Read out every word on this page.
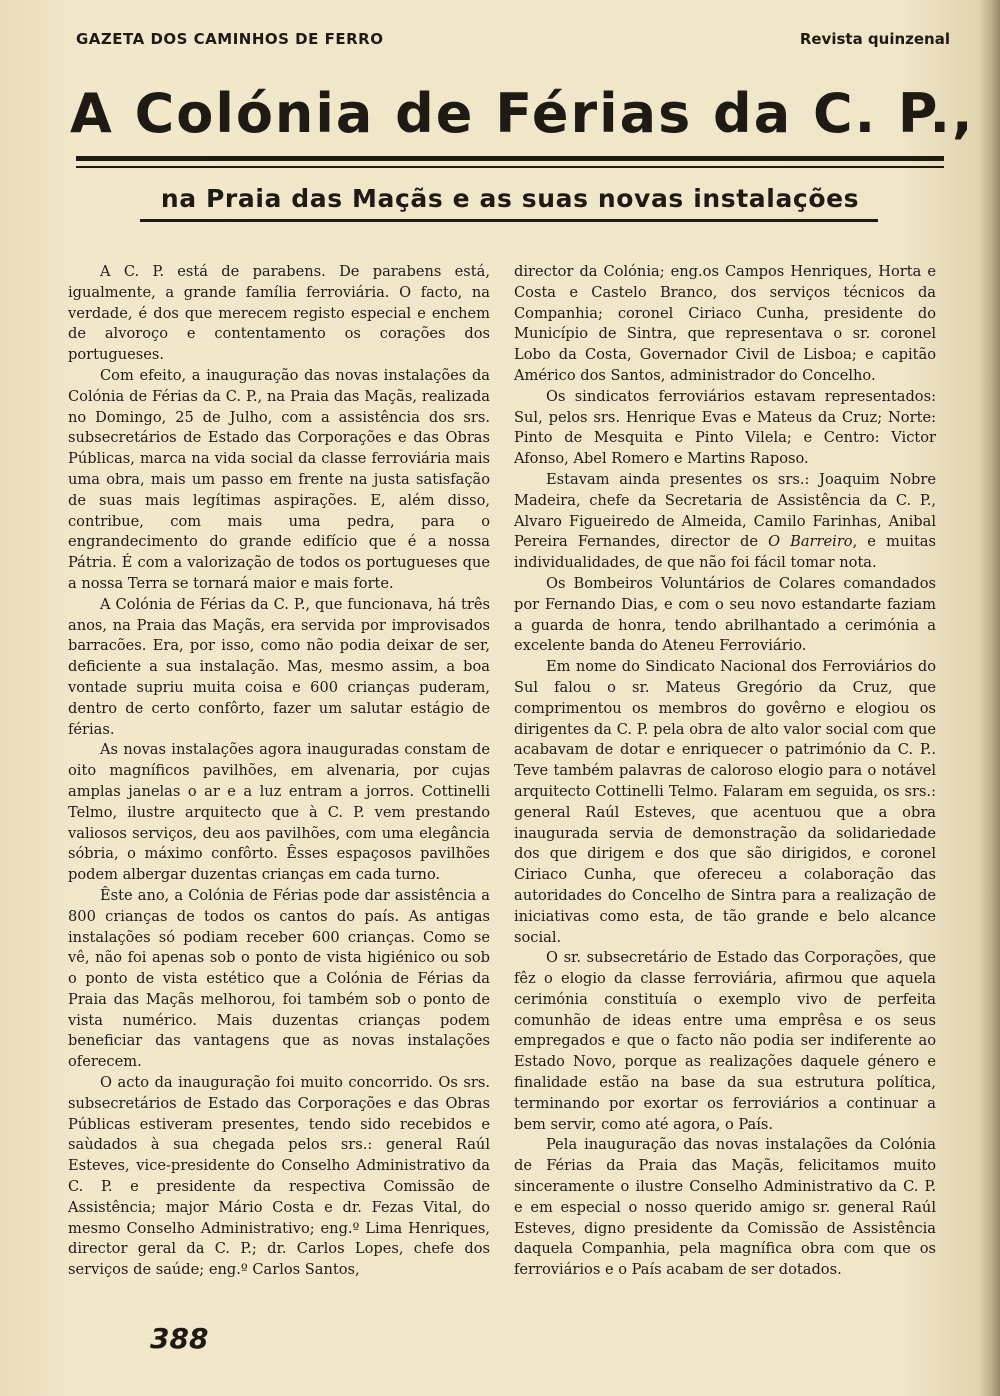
GAZETA DOS CAMINHOS DE FERRO	Revista quinzenal
A Colónia de Férias da C. P.,
na Praia das Maçãs e as suas novas instalações

A C. P. está de parabens. De parabens está, igualmente, a grande família ferroviária. O facto, na verdade, é dos que merecem registo especial e enchem de alvoroço e contentamento os corações dos portugueses.

Com efeito, a inauguração das novas instalações da Colónia de Férias da C. P., na Praia das Maçãs, realizada no Domingo, 25 de Julho, com a assistência dos srs. subsecretários de Estado das Corporações e das Obras Públicas, marca na vida social da classe ferroviária mais uma obra, mais um passo em frente na justa satisfação de suas mais legítimas aspirações. E, além disso, contribue, com mais uma pedra, para o engrandecimento do grande edifício que é a nossa Pátria. É com a valorização de todos os portugueses que a nossa Terra se tornará maior e mais forte.

A Colónia de Férias da C. P., que funcionava, há três anos, na Praia das Maçãs, era servida por improvisados barracões. Era, por isso, como não podia deixar de ser, deficiente a sua instalação. Mas, mesmo assim, a boa vontade supriu muita coisa e 600 crianças puderam, dentro de certo confôrto, fazer um salutar estágio de férias.

As novas instalações agora inauguradas constam de oito magníficos pavilhões, em alvenaria, por cujas amplas janelas o ar e a luz entram a jorros. Cottinelli Telmo, ilustre arquitecto que à C. P. vem prestando valiosos serviços, deu aos pavilhões, com uma elegância sóbria, o máximo confôrto. Êsses espaçosos pavilhões podem albergar duzentas crianças em cada turno.

Êste ano, a Colónia de Férias pode dar assistência a 800 crianças de todos os cantos do país. As antigas instalações só podiam receber 600 crianças. Como se vê, não foi apenas sob o ponto de vista higiénico ou sob o ponto de vista estético que a Colónia de Férias da Praia das Maçãs melhorou, foi também sob o ponto de vista numérico. Mais duzentas crianças podem beneficiar das vantagens que as novas instalações oferecem.

O acto da inauguração foi muito concorrido. Os srs. subsecretários de Estado das Corporações e das Obras Públicas estiveram presentes, tendo sido recebidos e saùdados à sua chegada pelos srs.: general Raúl Esteves, vice-presidente do Conselho Administrativo da C. P. e presidente da respectiva Comissão de Assistência; major Mário Costa e dr. Fezas Vital, do mesmo Conselho Administrativo; eng.º Lima Henriques, director geral da C. P.; dr. Carlos Lopes, chefe dos serviços de saúde; eng.º Carlos Santos,

director da Colónia; eng.os Campos Henriques, Horta e Costa e Castelo Branco, dos serviços técnicos da Companhia; coronel Ciriaco Cunha, presidente do Município de Sintra, que representava o sr. coronel Lobo da Costa, Governador Civil de Lisboa; e capitão Américo dos Santos, administrador do Concelho.

Os sindicatos ferroviários estavam representados: Sul, pelos srs. Henrique Evas e Mateus da Cruz; Norte: Pinto de Mesquita e Pinto Vilela; e Centro: Victor Afonso, Abel Romero e Martins Raposo.

Estavam ainda presentes os srs.: Joaquim Nobre Madeira, chefe da Secretaria de Assistência da C. P., Alvaro Figueiredo de Almeida, Camilo Farinhas, Anibal Pereira Fernandes, director de O Barreiro, e muitas individualidades, de que não foi fácil tomar nota.

Os Bombeiros Voluntários de Colares comandados por Fernando Dias, e com o seu novo estandarte faziam a guarda de honra, tendo abrilhantado a cerimónia a excelente banda do Ateneu Ferroviário.

Em nome do Sindicato Nacional dos Ferroviários do Sul falou o sr. Mateus Gregório da Cruz, que comprimentou os membros do govêrno e elogiou os dirigentes da C. P. pela obra de alto valor social com que acabavam de dotar e enriquecer o património da C. P.. Teve também palavras de caloroso elogio para o notável arquitecto Cottinelli Telmo. Falaram em seguida, os srs.: general Raúl Esteves, que acentuou que a obra inaugurada servia de demonstração da solidariedade dos que dirigem e dos que são dirigidos, e coronel Ciriaco Cunha, que ofereceu a colaboração das autoridades do Concelho de Sintra para a realização de iniciativas como esta, de tão grande e belo alcance social.

O sr. subsecretário de Estado das Corporações, que fêz o elogio da classe ferroviária, afirmou que aquela cerimónia constituía o exemplo vivo de perfeita comunhão de ideas entre uma emprêsa e os seus empregados e que o facto não podia ser indiferente ao Estado Novo, porque as realizações daquele género e finalidade estão na base da sua estrutura política, terminando por exortar os ferroviários a continuar a bem servir, como até agora, o País.

Pela inauguração das novas instalações da Colónia de Férias da Praia das Maçãs, felicitamos muito sinceramente o ilustre Conselho Administrativo da C. P. e em especial o nosso querido amigo sr. general Raúl Esteves, digno presidente da Comissão de Assistência daquela Companhia, pela magnífica obra com que os ferroviários e o País acabam de ser dotados.

388
